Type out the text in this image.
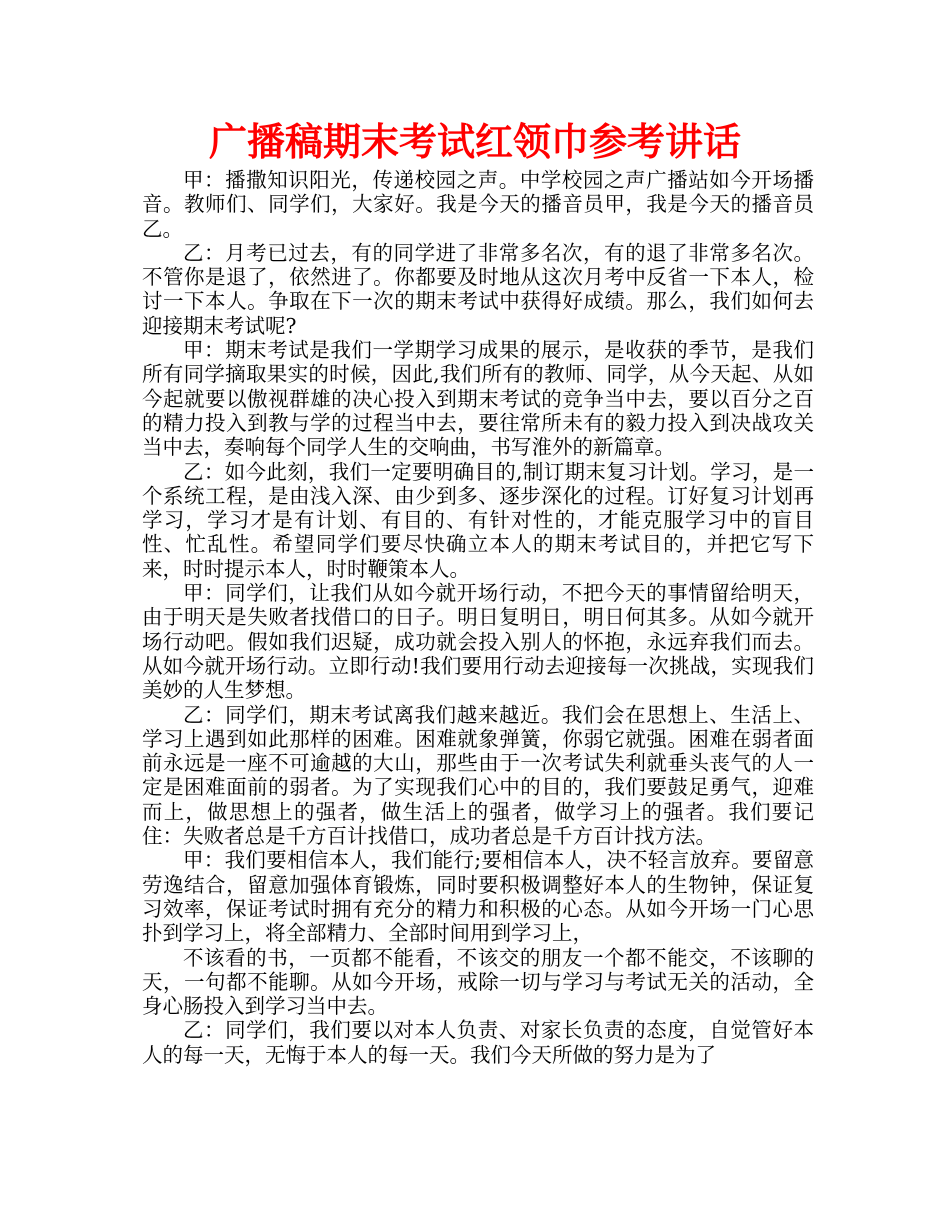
广播稿期末考试红领巾参考讲话

甲：播撒知识阳光，传递校园之声。中学校园之声广播站如今开场播音。教师们、同学们，大家好。我是今天的播音员甲，我是今天的播音员 乙。

乙：月考已过去，有的同学进了非常多名次，有的退了非常多名次。不管你是退了，依然进了。你都要及时地从这次月考中反省一下本人，检讨一下本人。争取在下一次的期末考试中获得好成绩。那么，我们如何去迎接期末考试呢?

甲：期末考试是我们一学期学习成果的展示，是收获的季节，是我们所有同学摘取果实的时候，因此,我们所有的教师、同学，从今天起、从如今起就要以傲视群雄的决心投入到期末考试的竞争当中去，要以百分之百的精力投入到教与学的过程当中去，要往常所未有的毅力投入到决战攻关当中去，奏响每个同学人生的交响曲，书写淮外的新篇章。

乙：如今此刻，我们一定要明确目的,制订期末复习计划。学习，是一个系统工程，是由浅入深、由少到多、逐步深化的过程。订好复习计划再学习，学习才是有计划、有目的、有针对性的，才能克服学习中的盲目性、忙乱性。希望同学们要尽快确立本人的期末考试目的，并把它写下来，时时提示本人，时时鞭策本人。

甲：同学们，让我们从如今就开场行动，不把今天的事情留给明天，由于明天是失败者找借口的日子。明日复明日，明日何其多。从如今就开场行动吧。假如我们迟疑，成功就会投入别人的怀抱，永远弃我们而去。从如今就开场行动。立即行动!我们要用行动去迎接每一次挑战，实现我们美妙的人生梦想。

乙：同学们，期末考试离我们越来越近。我们会在思想上、生活上、学习上遇到如此那样的困难。困难就象弹簧，你弱它就强。困难在弱者面前永远是一座不可逾越的大山，那些由于一次考试失利就垂头丧气的人一定是困难面前的弱者。为了实现我们心中的目的，我们要鼓足勇气，迎难而上，做思想上的强者，做生活上的强者，做学习上的强者。我们要记住：失败者总是千方百计找借口，成功者总是千方百计找方法。

甲：我们要相信本人，我们能行;要相信本人，决不轻言放弃。要留意劳逸结合，留意加强体育锻炼，同时要积极调整好本人的生物钟，保证复习效率，保证考试时拥有充分的精力和积极的心态。从如今开场一门心思扑到学习上，将全部精力、全部时间用到学习上，

不该看的书，一页都不能看，不该交的朋友一个都不能交，不该聊的天，一句都不能聊。从如今开场，戒除一切与学习与考试无关的活动，全身心肠投入到学习当中去。

乙：同学们，我们要以对本人负责、对家长负责的态度，自觉管好本人的每一天，无悔于本人的每一天。我们今天所做的努力是为了
